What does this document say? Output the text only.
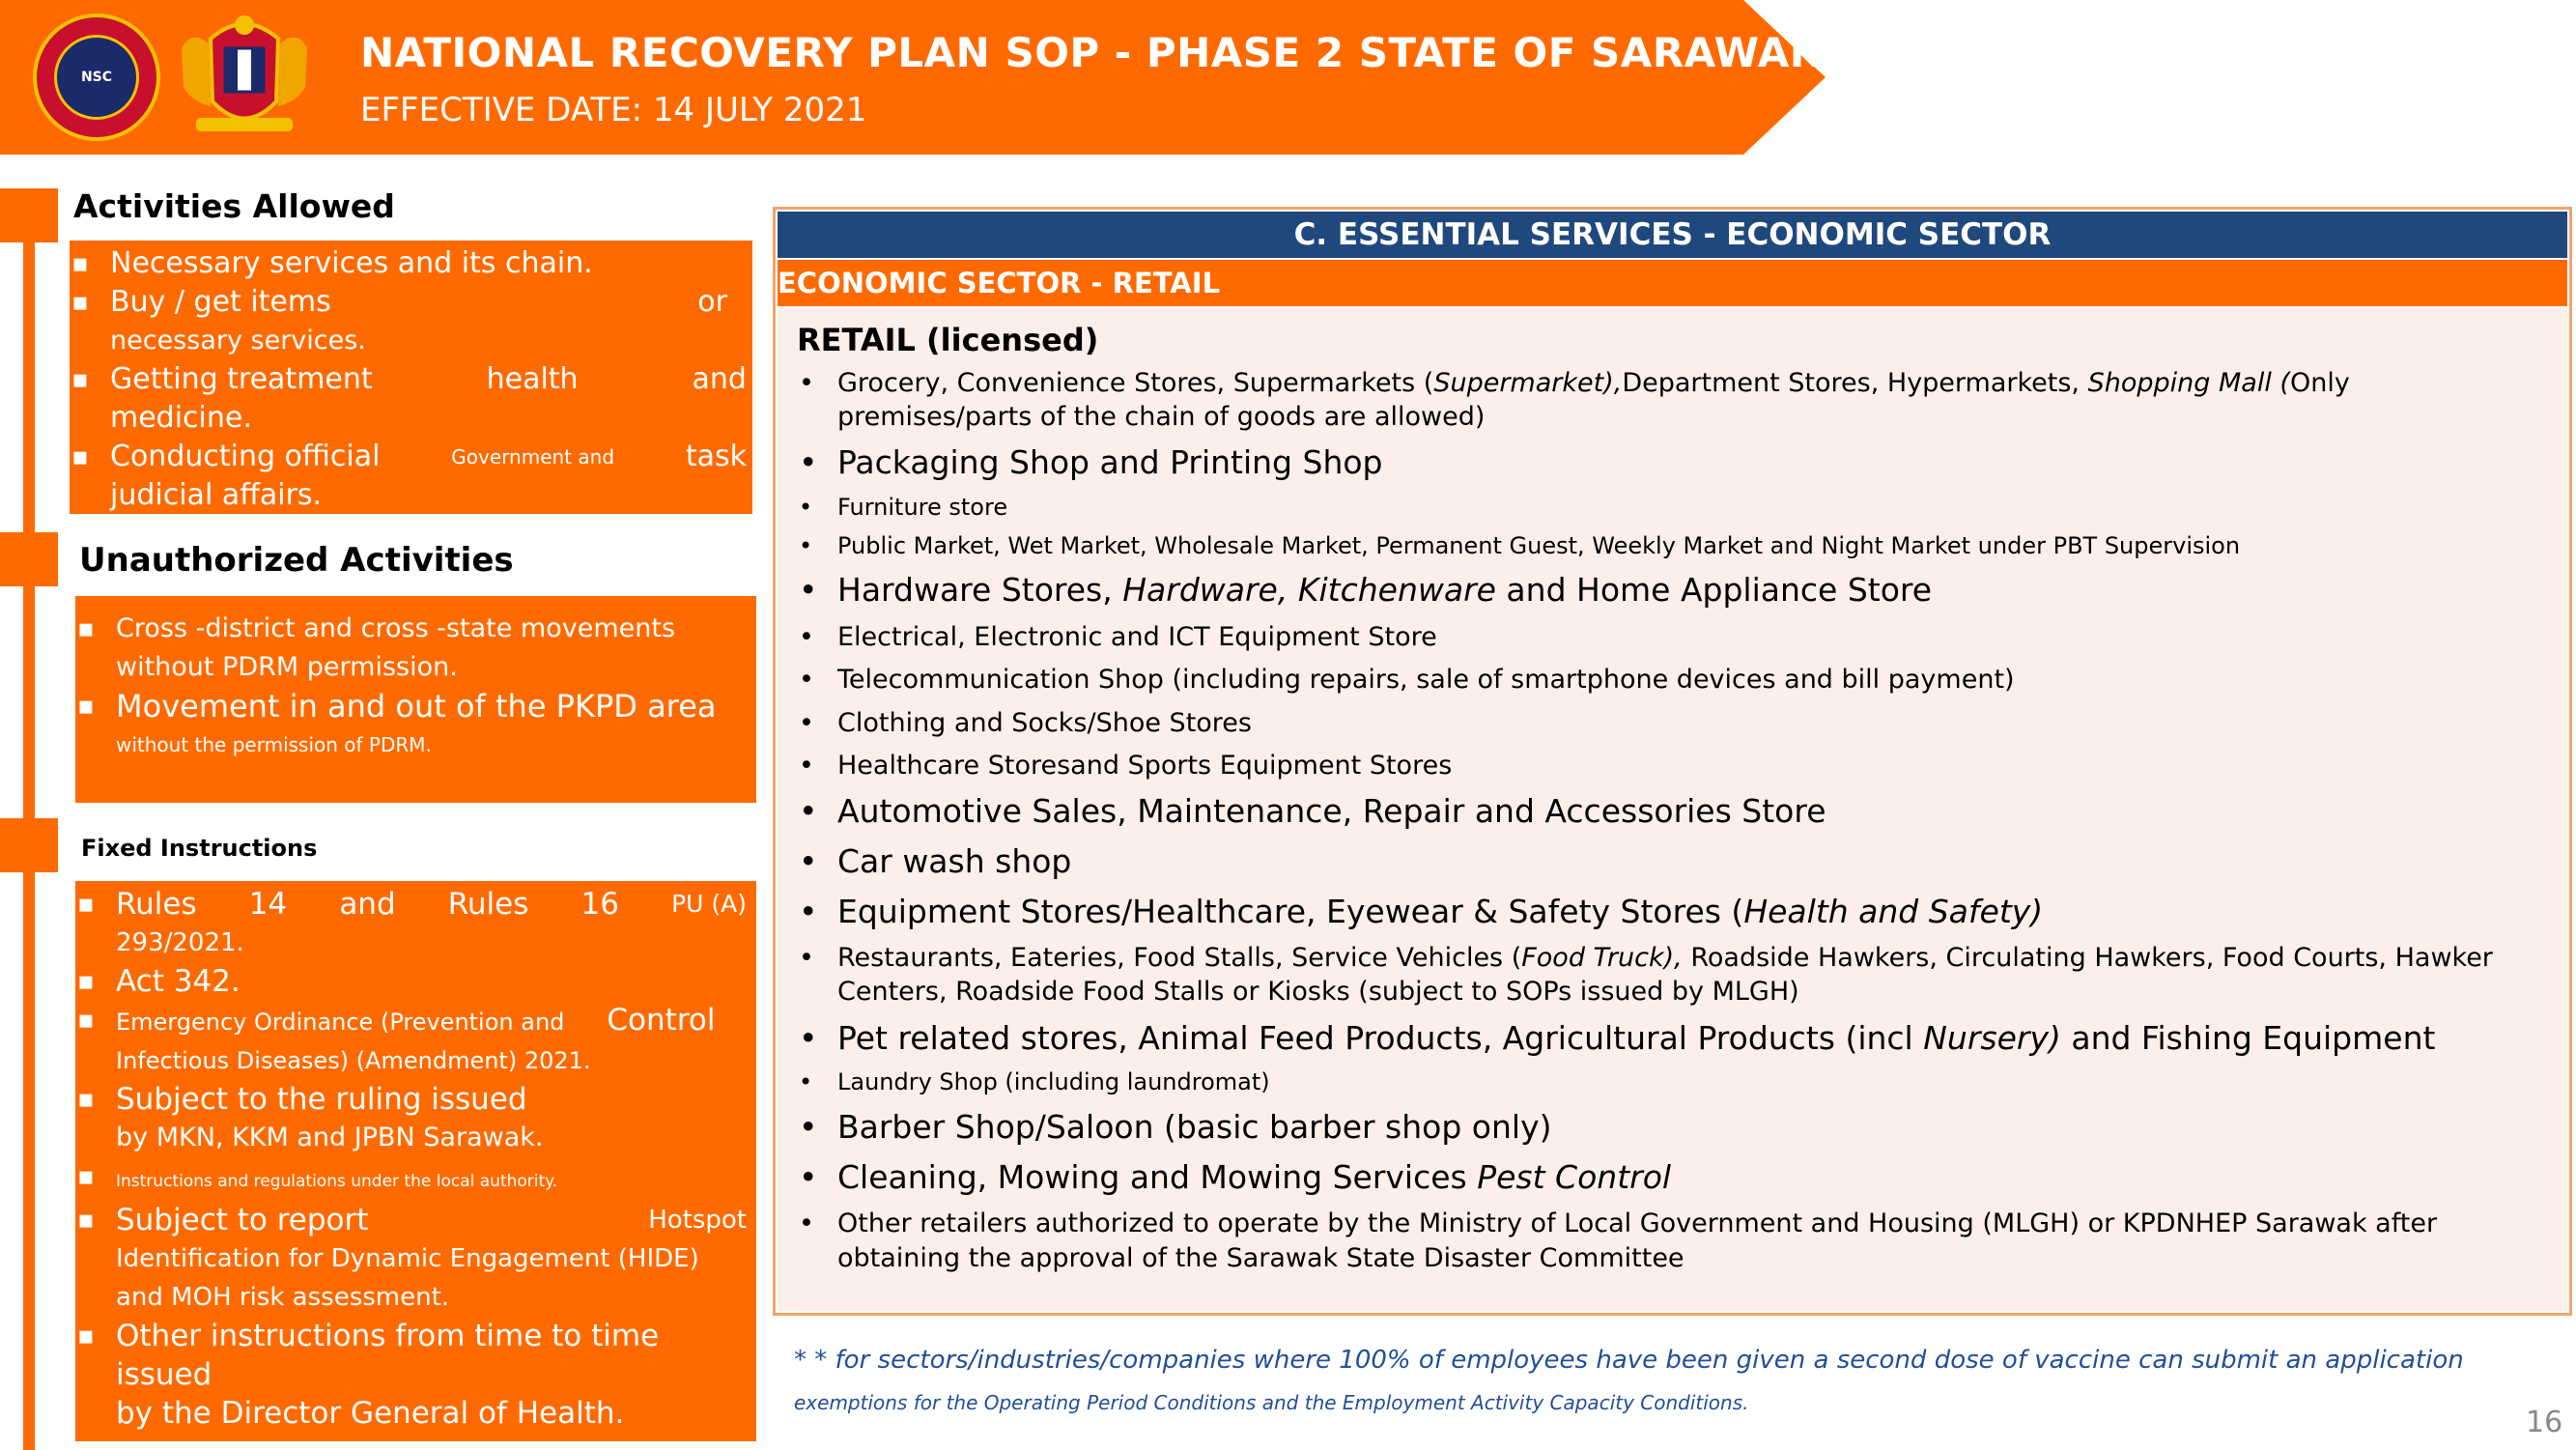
NSC
NATIONAL RECOVERY PLAN SOP - PHASE 2 STATE OF SARAWAK
EFFECTIVE DATE: 14 JULY 2021
Activities Allowed
▪ Necessary services and its chain.
▪ Buy / get items	or
necessary services.
▪ Getting treatment	health	and
medicine.
▪ Conducting official	Government and task
judicial affairs.
Unauthorized Activities
▪ Cross -district and cross -state movements
without PDRM permission.
▪ Movement in and out of the PKPD area
without the permission of PDRM.
Fixed Instructions
▪ Rules 14 and Rules 16 PU (A)
293/2021.
▪ Act 342.
▪ Emergency Ordinance (Prevention and Control
Infectious Diseases) (Amendment) 2021.
▪ Subject to the ruling issued
by MKN, KKM and JPBN Sarawak.
▪ Instructions and regulations under the local authority.
▪ Subject to report	Hotspot
Identification for Dynamic Engagement (HIDE)
and MOH risk assessment.
▪ Other instructions from time to time issued
by the Director General of Health.
C. ESSENTIAL SERVICES - ECONOMIC SECTOR
ECONOMIC SECTOR - RETAIL
RETAIL (licensed)
• Grocery, Convenience Stores, Supermarkets (Supermarket),Department Stores, Hypermarkets, Shopping Mall (Only premises/parts of the chain of goods are allowed)
• Packaging Shop and Printing Shop
• Furniture store
• Public Market, Wet Market, Wholesale Market, Permanent Guest, Weekly Market and Night Market under PBT Supervision
• Hardware Stores, Hardware, Kitchenware and Home Appliance Store
• Electrical, Electronic and ICT Equipment Store
• Telecommunication Shop (including repairs, sale of smartphone devices and bill payment)
• Clothing and Socks/Shoe Stores
• Healthcare Storesand Sports Equipment Stores
• Automotive Sales, Maintenance, Repair and Accessories Store
• Car wash shop
• Equipment Stores/Healthcare, Eyewear & Safety Stores (Health and Safety)
• Restaurants, Eateries, Food Stalls, Service Vehicles (Food Truck), Roadside Hawkers, Circulating Hawkers, Food Courts, Hawker Centers, Roadside Food Stalls or Kiosks (subject to SOPs issued by MLGH)
• Pet related stores, Animal Feed Products, Agricultural Products (incl Nursery) and Fishing Equipment
• Laundry Shop (including laundromat)
• Barber Shop/Saloon (basic barber shop only)
• Cleaning, Mowing and Mowing Services Pest Control
• Other retailers authorized to operate by the Ministry of Local Government and Housing (MLGH) or KPDNHEP Sarawak after obtaining the approval of the Sarawak State Disaster Committee
* * for sectors/industries/companies where 100% of employees have been given a second dose of vaccine can submit an application
exemptions for the Operating Period Conditions and the Employment Activity Capacity Conditions.
16
